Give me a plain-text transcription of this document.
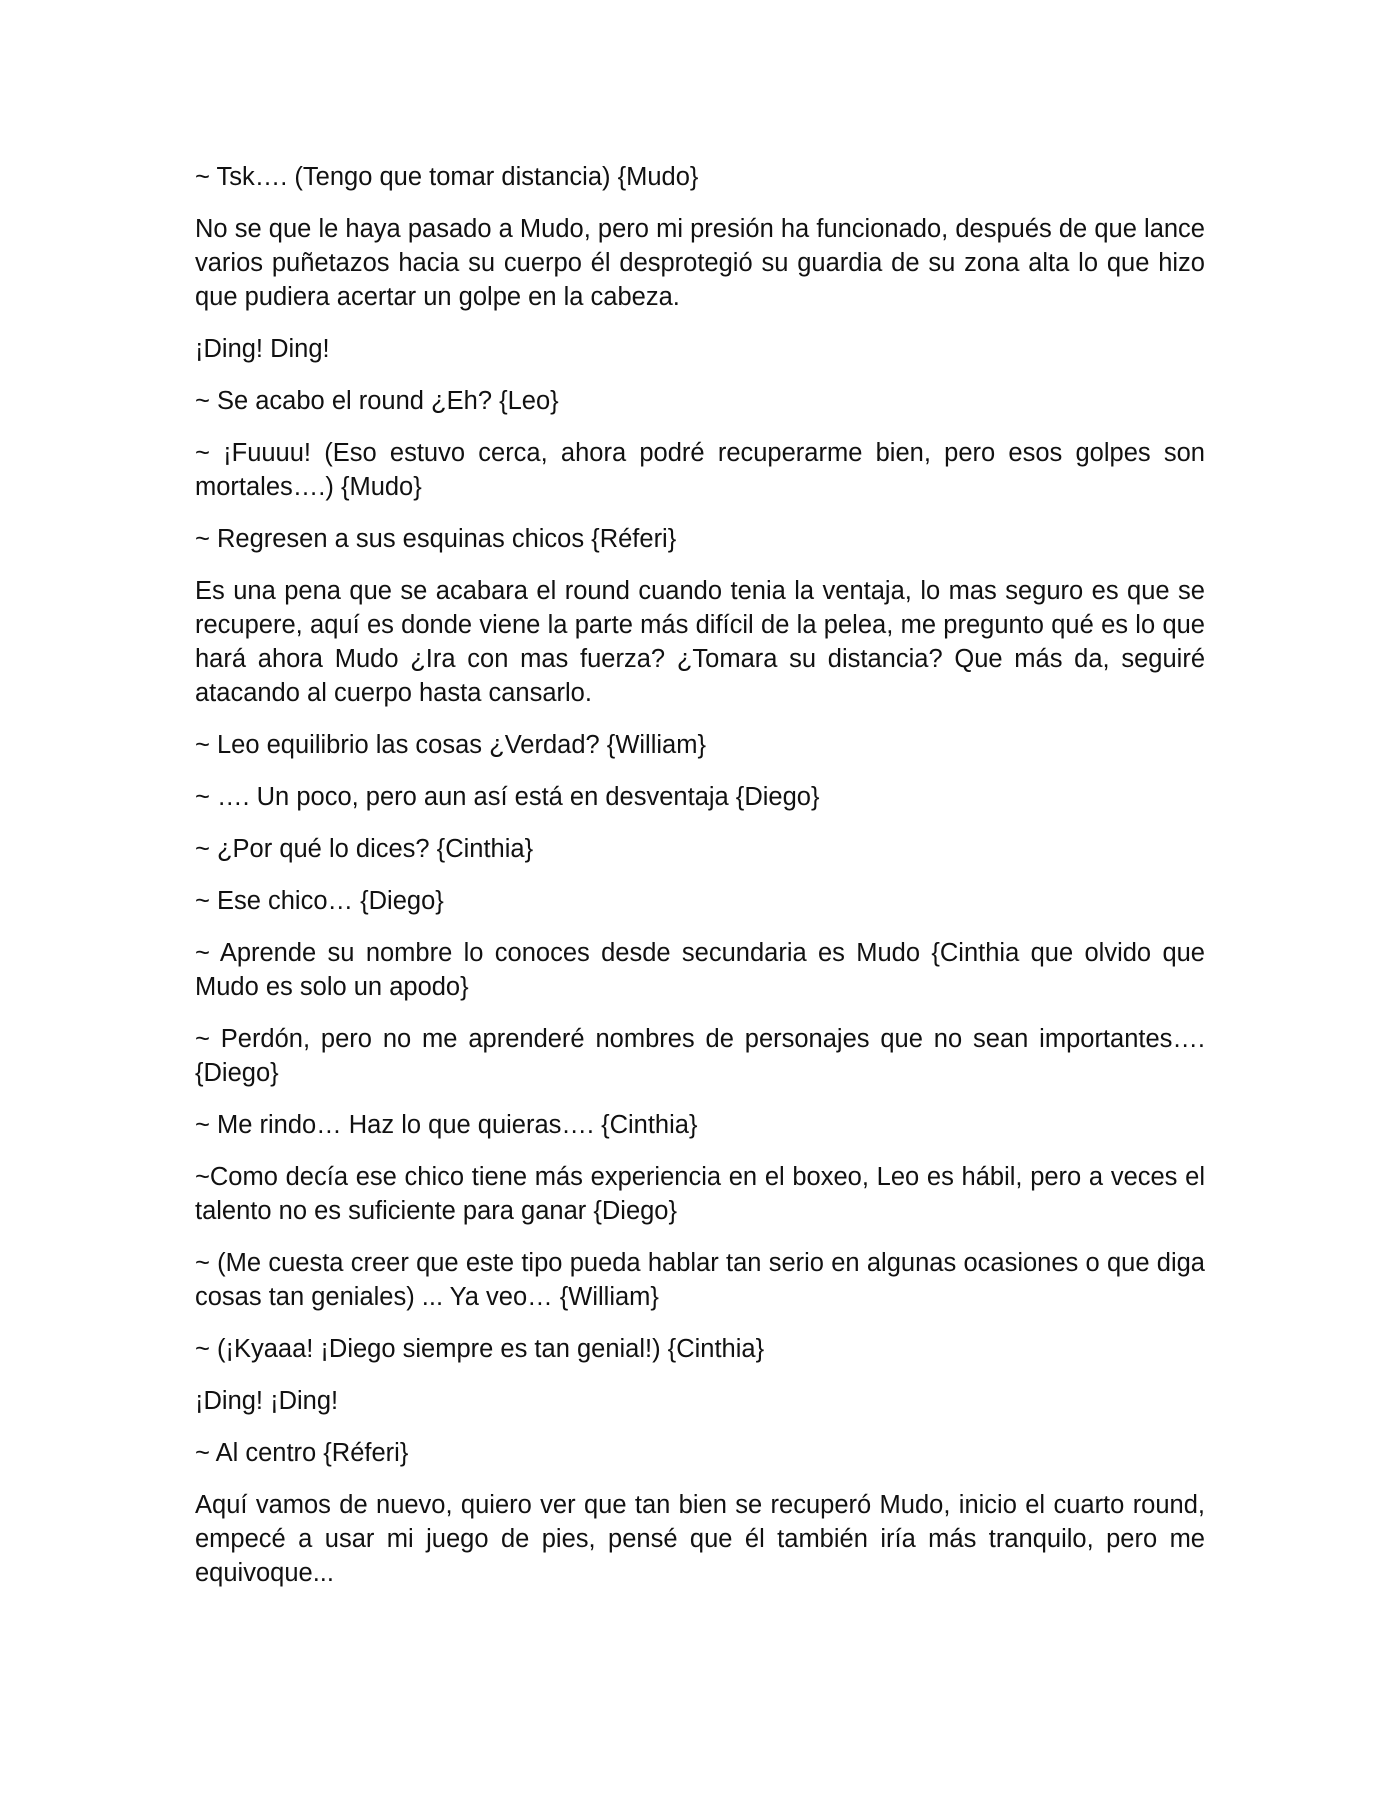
~ Tsk…. (Tengo que tomar distancia) {Mudo}

No se que le haya pasado a Mudo, pero mi presión ha funcionado, después de que lance varios puñetazos hacia su cuerpo él desprotegió su guardia de su zona alta lo que hizo que pudiera acertar un golpe en la cabeza.

¡Ding! Ding!

~ Se acabo el round ¿Eh? {Leo}

~ ¡Fuuuu! (Eso estuvo cerca, ahora podré recuperarme bien, pero esos golpes son mortales….) {Mudo}

~ Regresen a sus esquinas chicos {Réferi}

Es una pena que se acabara el round cuando tenia la ventaja, lo mas seguro es que se recupere, aquí es donde viene la parte más difícil de la pelea, me pregunto qué es lo que hará ahora Mudo ¿Ira con mas fuerza? ¿Tomara su distancia? Que más da, seguiré atacando al cuerpo hasta cansarlo.

~ Leo equilibrio las cosas ¿Verdad? {William}

~ …. Un poco, pero aun así está en desventaja {Diego}

~ ¿Por qué lo dices? {Cinthia}

~ Ese chico… {Diego}

~ Aprende su nombre lo conoces desde secundaria es Mudo {Cinthia que olvido que Mudo es solo un apodo}

~ Perdón, pero no me aprenderé nombres de personajes que no sean importantes…. {Diego}

~ Me rindo… Haz lo que quieras…. {Cinthia}

~Como decía ese chico tiene más experiencia en el boxeo, Leo es hábil, pero a veces el talento no es suficiente para ganar {Diego}

~ (Me cuesta creer que este tipo pueda hablar tan serio en algunas ocasiones o que diga cosas tan geniales) ... Ya veo… {William}

~ (¡Kyaaa! ¡Diego siempre es tan genial!) {Cinthia}

¡Ding! ¡Ding!

~ Al centro {Réferi}

Aquí vamos de nuevo, quiero ver que tan bien se recuperó Mudo, inicio el cuarto round, empecé a usar mi juego de pies, pensé que él también iría más tranquilo, pero me equivoque...
